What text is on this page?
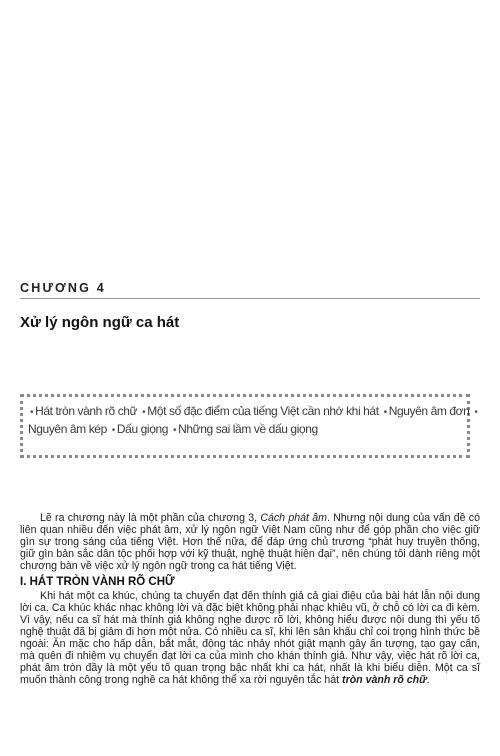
CHƯƠNG 4
Xử lý ngôn ngữ ca hát
• Hát tròn vành rõ chữ • Một số đặc điểm của tiếng Việt cần nhớ khi hát • Nguyên âm đơn •
Nguyên âm kép • Dấu giọng • Những sai lầm về dấu giọng

Lẽ ra chương này là một phần của chương 3, Cách phát âm. Nhưng nội dung của vấn đề có liên quan nhiều đến việc phát âm, xử lý ngôn ngữ Việt Nam cũng như để góp phần cho việc giữ gìn sự trong sáng của tiếng Việt. Hơn thế nữa, để đáp ứng chủ trương “phát huy truyền thống, giữ gìn bản sắc dân tộc phối hợp với kỹ thuật, nghệ thuật hiện đại”, nên chúng tôi dành riêng một chương bàn về việc xử lý ngôn ngữ trong ca hát tiếng Việt.

I. HÁT TRÒN VÀNH RÕ CHỮ

Khi hát một ca khúc, chúng ta chuyển đạt đến thính giả cả giai điệu của bài hát lẫn nội dung lời ca. Ca khúc khác nhạc không lời và đặc biệt không phải nhạc khiêu vũ, ở chỗ có lời ca đi kèm. Vì vậy, nếu ca sĩ hát mà thính giả không nghe được rõ lời, không hiểu được nội dung thì yếu tố nghệ thuật đã bị giảm đi hơn một nửa. Có nhiều ca sĩ, khi lên sân khấu chỉ coi trọng hình thức bề ngoài: Ăn mặc cho hấp dẫn, bắt mắt, động tác nhảy nhót giật mạnh gây ấn tượng, tạo gay cấn, mà quên đi nhiệm vụ chuyển đạt lời ca của mình cho khán thính giả. Như vậy, việc hát rõ lời ca, phát âm tròn đầy là một yếu tố quan trọng bậc nhất khi ca hát, nhất là khi biểu diễn. Một ca sĩ muốn thành công trong nghề ca hát không thể xa rời nguyên tắc hát tròn vành rõ chữ.
